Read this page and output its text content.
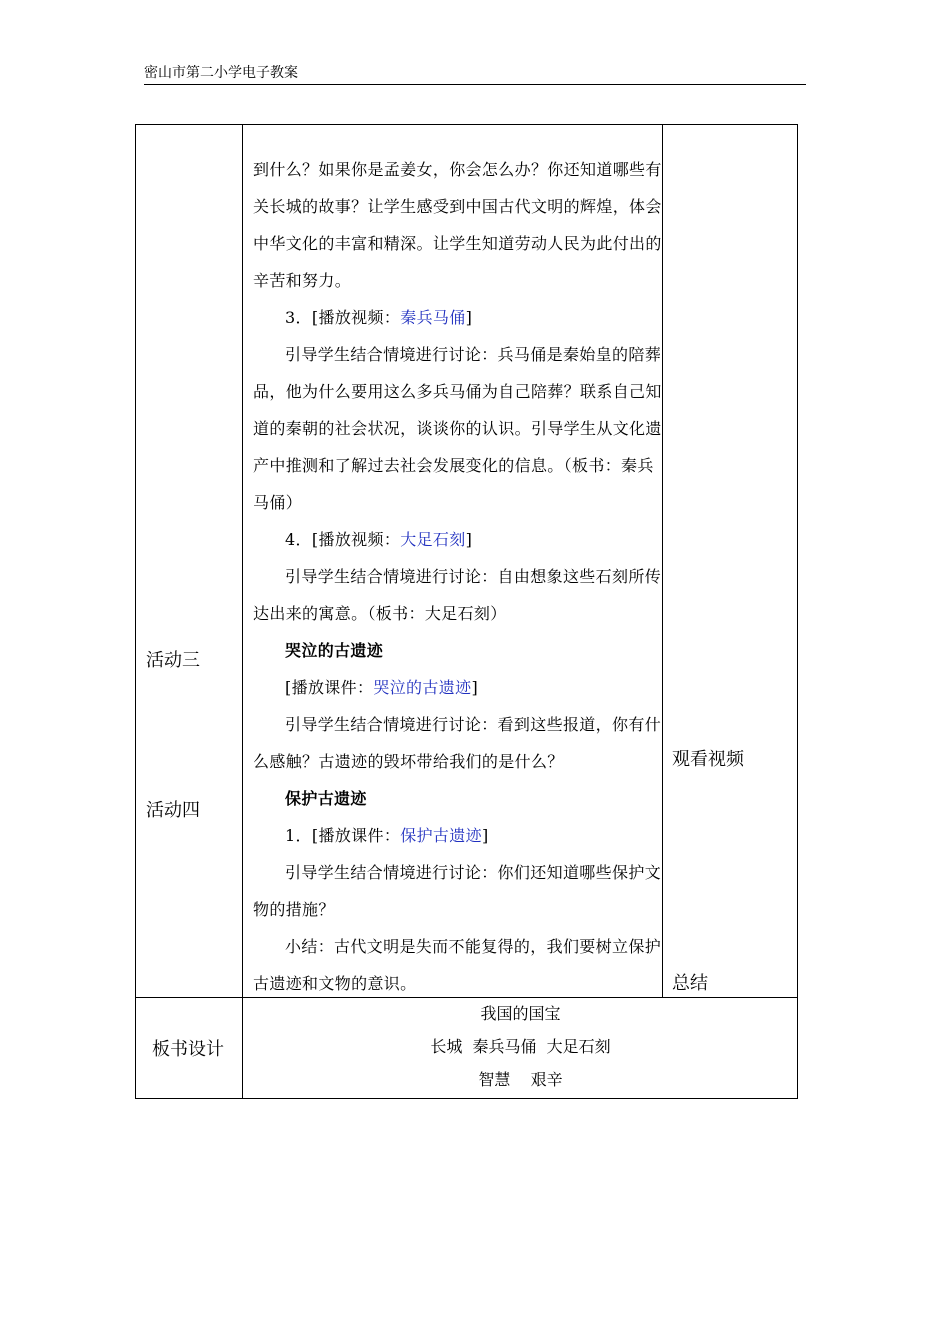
密山市第二小学电子教案
活动三
活动四
板书设计
观看视频
总结

到什么？如果你是孟姜女，你会怎么办？你还知道哪些有关长城的故事？让学生感受到中国古代文明的辉煌，体会中华文化的丰富和精深。让学生知道劳动人民为此付出的辛苦和努力。

3．[播放视频：秦兵马俑]

引导学生结合情境进行讨论：兵马俑是秦始皇的陪葬品，他为什么要用这么多兵马俑为自己陪葬？联系自己知道的秦朝的社会状况，谈谈你的认识。引导学生从文化遗产中推测和了解过去社会发展变化的信息。（板书：秦兵马俑）

4．[播放视频：大足石刻]

引导学生结合情境进行讨论：自由想象这些石刻所传达出来的寓意。（板书：大足石刻）

哭泣的古遗迹

[播放课件：哭泣的古遗迹]

引导学生结合情境进行讨论：看到这些报道，你有什么感触？古遗迹的毁坏带给我们的是什么？

保护古遗迹

1．[播放课件：保护古遗迹]

引导学生结合情境进行讨论：你们还知道哪些保护文物的措施？

小结：古代文明是失而不能复得的，我们要树立保护古遗迹和文物的意识。

我国的国宝
长城  秦兵马俑  大足石刻
智慧    艰辛
